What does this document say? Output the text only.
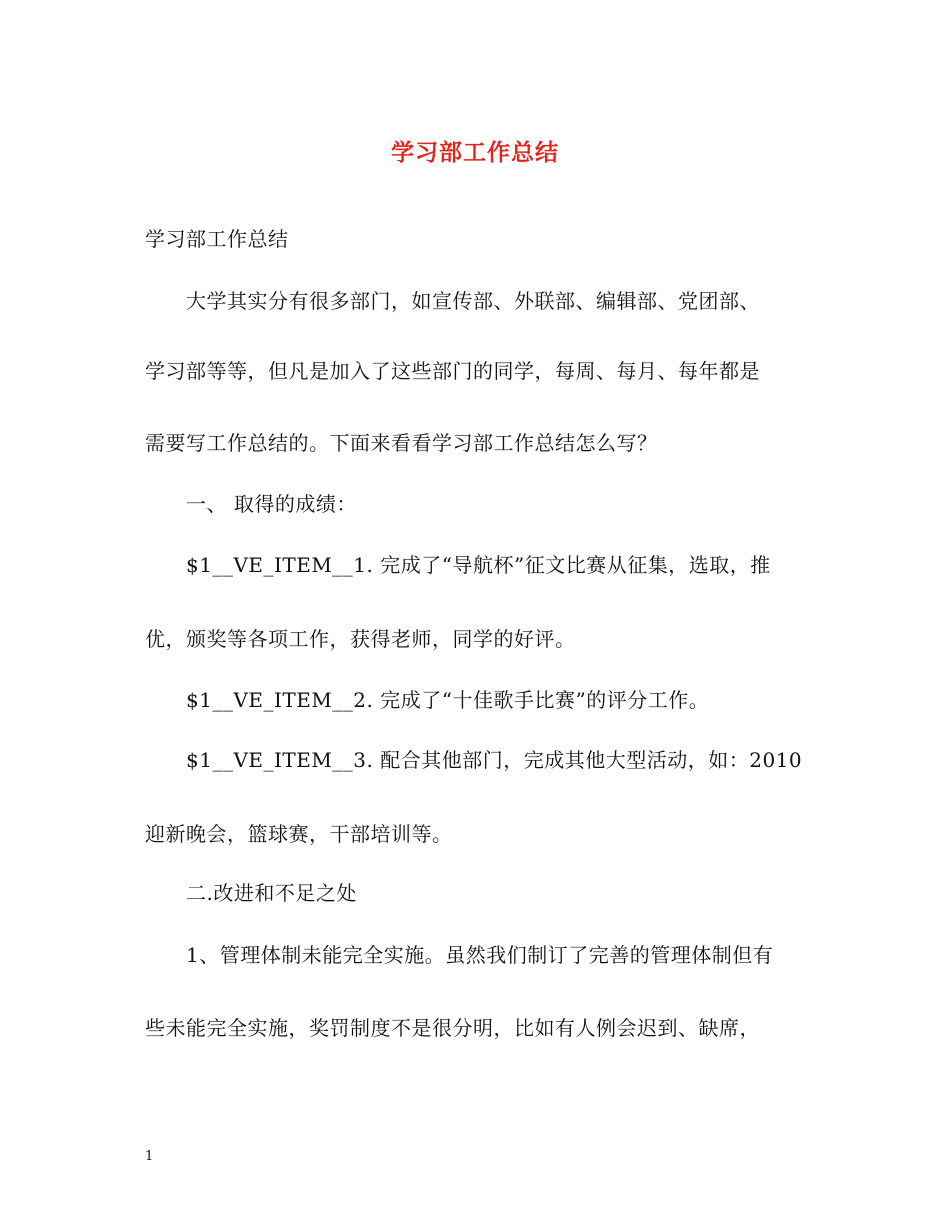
学习部工作总结
学习部工作总结
大学其实分有很多部门，如宣传部、外联部、编辑部、党团部、
学习部等等，但凡是加入了这些部门的同学，每周、每月、每年都是
需要写工作总结的。下面来看看学习部工作总结怎么写？
一、 取得的成绩：
$1__VE_ITEM__1. 完成了“导航杯”征文比赛从征集，选取，推
优，颁奖等各项工作，获得老师，同学的好评。
$1__VE_ITEM__2. 完成了“十佳歌手比赛”的评分工作。
$1__VE_ITEM__3. 配合其他部门，完成其他大型活动，如：2010
迎新晚会，篮球赛，干部培训等。
二.改进和不足之处
1、管理体制未能完全实施。虽然我们制订了完善的管理体制但有
些未能完全实施，奖罚制度不是很分明，比如有人例会迟到、缺席，
1
